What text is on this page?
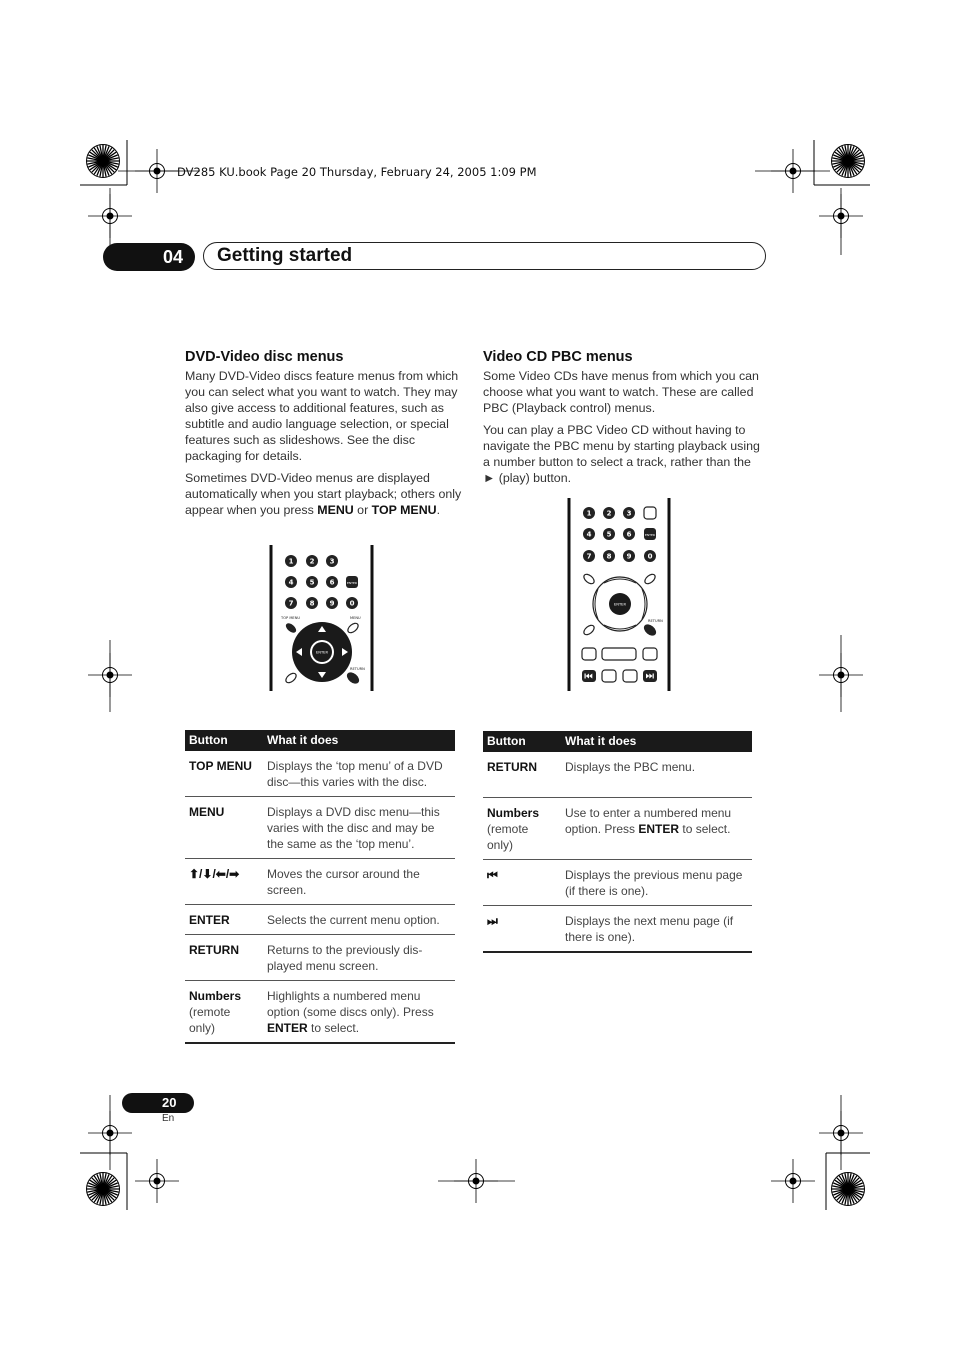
DV285 KU.book Page 20 Thursday, February 24, 2005 1:09 PM
04	Getting started
DVD-Video disc menus

Many DVD-Video discs feature menus from which you can select what you want to watch. They may also give access to additional features, such as subtitle and audio language selection, or special features such as slideshows. See the disc packaging for details.

Sometimes DVD-Video menus are displayed automatically when you start playback; others only appear when you press MENU or TOP MENU.

1 2 3
4 5 6
7 8 9 0
ENTER
TOP MENU	MENU
ENTER
RETURN
Button	What it does
TOP MENU	Displays the ‘top menu’ of a DVD disc—this varies with the disc.
MENU	Displays a DVD disc menu—this varies with the disc and may be the same as the ‘top menu’.
⬆/⬇/⬅/➡	Moves the cursor around the screen.
ENTER	Selects the current menu option.
RETURN	Returns to the previously dis-played menu screen.
Numbers
(remote only)	Highlights a numbered menu option (some discs only). Press ENTER to select.
Video CD PBC menus

Some Video CDs have menus from which you can choose what you want to watch. These are called PBC (Playback control) menus.

You can play a PBC Video CD without having to navigate the PBC menu by starting playback using a number button to select a track, rather than the ► (play) button.

1 2 3
4 5 6
7 8 9 0
ENTER
ENTER
RETURN
Button	What it does
RETURN	Displays the PBC menu.
Numbers
(remote only)	Use to enter a numbered menu option. Press ENTER to select.
⏮	Displays the previous menu page (if there is one).
⏭	Displays the next menu page (if there is one).
20
En
